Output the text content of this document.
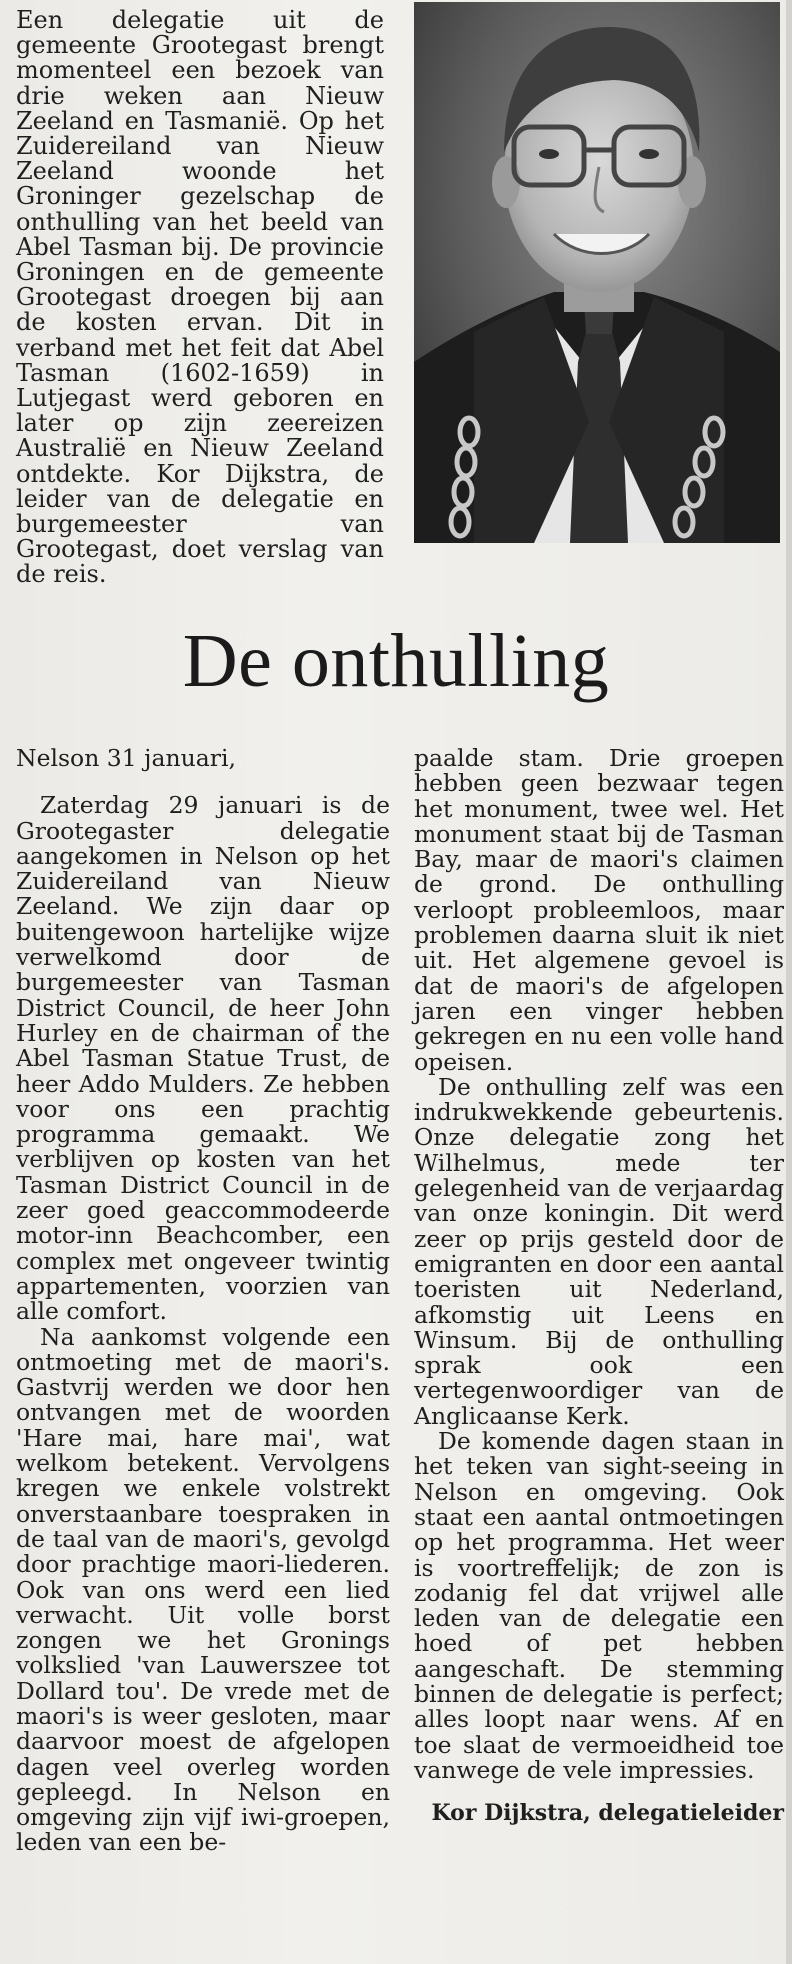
Een delegatie uit de gemeente Grootegast brengt momenteel een bezoek van drie weken aan Nieuw Zeeland en Tasmanië. Op het Zuidereiland van Nieuw Zeeland woonde het Groninger gezelschap de onthulling van het beeld van Abel Tasman bij. De provincie Groningen en de gemeente Grootegast droegen bij aan de kosten ervan. Dit in verband met het feit dat Abel Tasman (1602-1659) in Lutjegast werd geboren en later op zijn zeereizen Australië en Nieuw Zeeland ontdekte. Kor Dijkstra, de leider van de delegatie en burgemeester van Grootegast, doet verslag van de reis.

De onthulling

Nelson 31 januari,

Zaterdag 29 januari is de Grootegaster delegatie aangekomen in Nelson op het Zuidereiland van Nieuw Zeeland. We zijn daar op buitengewoon hartelijke wijze verwelkomd door de burgemeester van Tasman District Council, de heer John Hurley en de chairman of the Abel Tasman Statue Trust, de heer Addo Mulders. Ze hebben voor ons een prachtig programma gemaakt. We verblijven op kosten van het Tasman District Council in de zeer goed geaccommodeerde motor-inn Beachcomber, een complex met ongeveer twintig appartementen, voorzien van alle comfort.

Na aankomst volgende een ontmoeting met de maori's. Gastvrij werden we door hen ontvangen met de woorden 'Hare mai, hare mai', wat welkom betekent. Vervolgens kregen we enkele volstrekt onverstaanbare toespraken in de taal van de maori's, gevolgd door prachtige maori-liederen. Ook van ons werd een lied verwacht. Uit volle borst zongen we het Gronings volkslied 'van Lauwerszee tot Dollard tou'. De vrede met de maori's is weer gesloten, maar daarvoor moest de afgelopen dagen veel overleg worden gepleegd. In Nelson en omgeving zijn vijf iwi-groepen, leden van een be-

paalde stam. Drie groepen hebben geen bezwaar tegen het monument, twee wel. Het monument staat bij de Tasman Bay, maar de maori's claimen de grond. De onthulling verloopt probleemloos, maar problemen daarna sluit ik niet uit. Het algemene gevoel is dat de maori's de afgelopen jaren een vinger hebben gekregen en nu een volle hand opeisen.

De onthulling zelf was een indrukwekkende gebeurtenis. Onze delegatie zong het Wilhelmus, mede ter gelegenheid van de verjaardag van onze koningin. Dit werd zeer op prijs gesteld door de emigranten en door een aantal toeristen uit Nederland, afkomstig uit Leens en Winsum. Bij de onthulling sprak ook een vertegenwoordiger van de Anglicaanse Kerk.

De komende dagen staan in het teken van sight-seeing in Nelson en omgeving. Ook staat een aantal ontmoetingen op het programma. Het weer is voortreffelijk; de zon is zodanig fel dat vrijwel alle leden van de delegatie een hoed of pet hebben aangeschaft. De stemming binnen de delegatie is perfect; alles loopt naar wens. Af en toe slaat de vermoeidheid toe vanwege de vele impressies.

Kor Dijkstra, delegatieleider
